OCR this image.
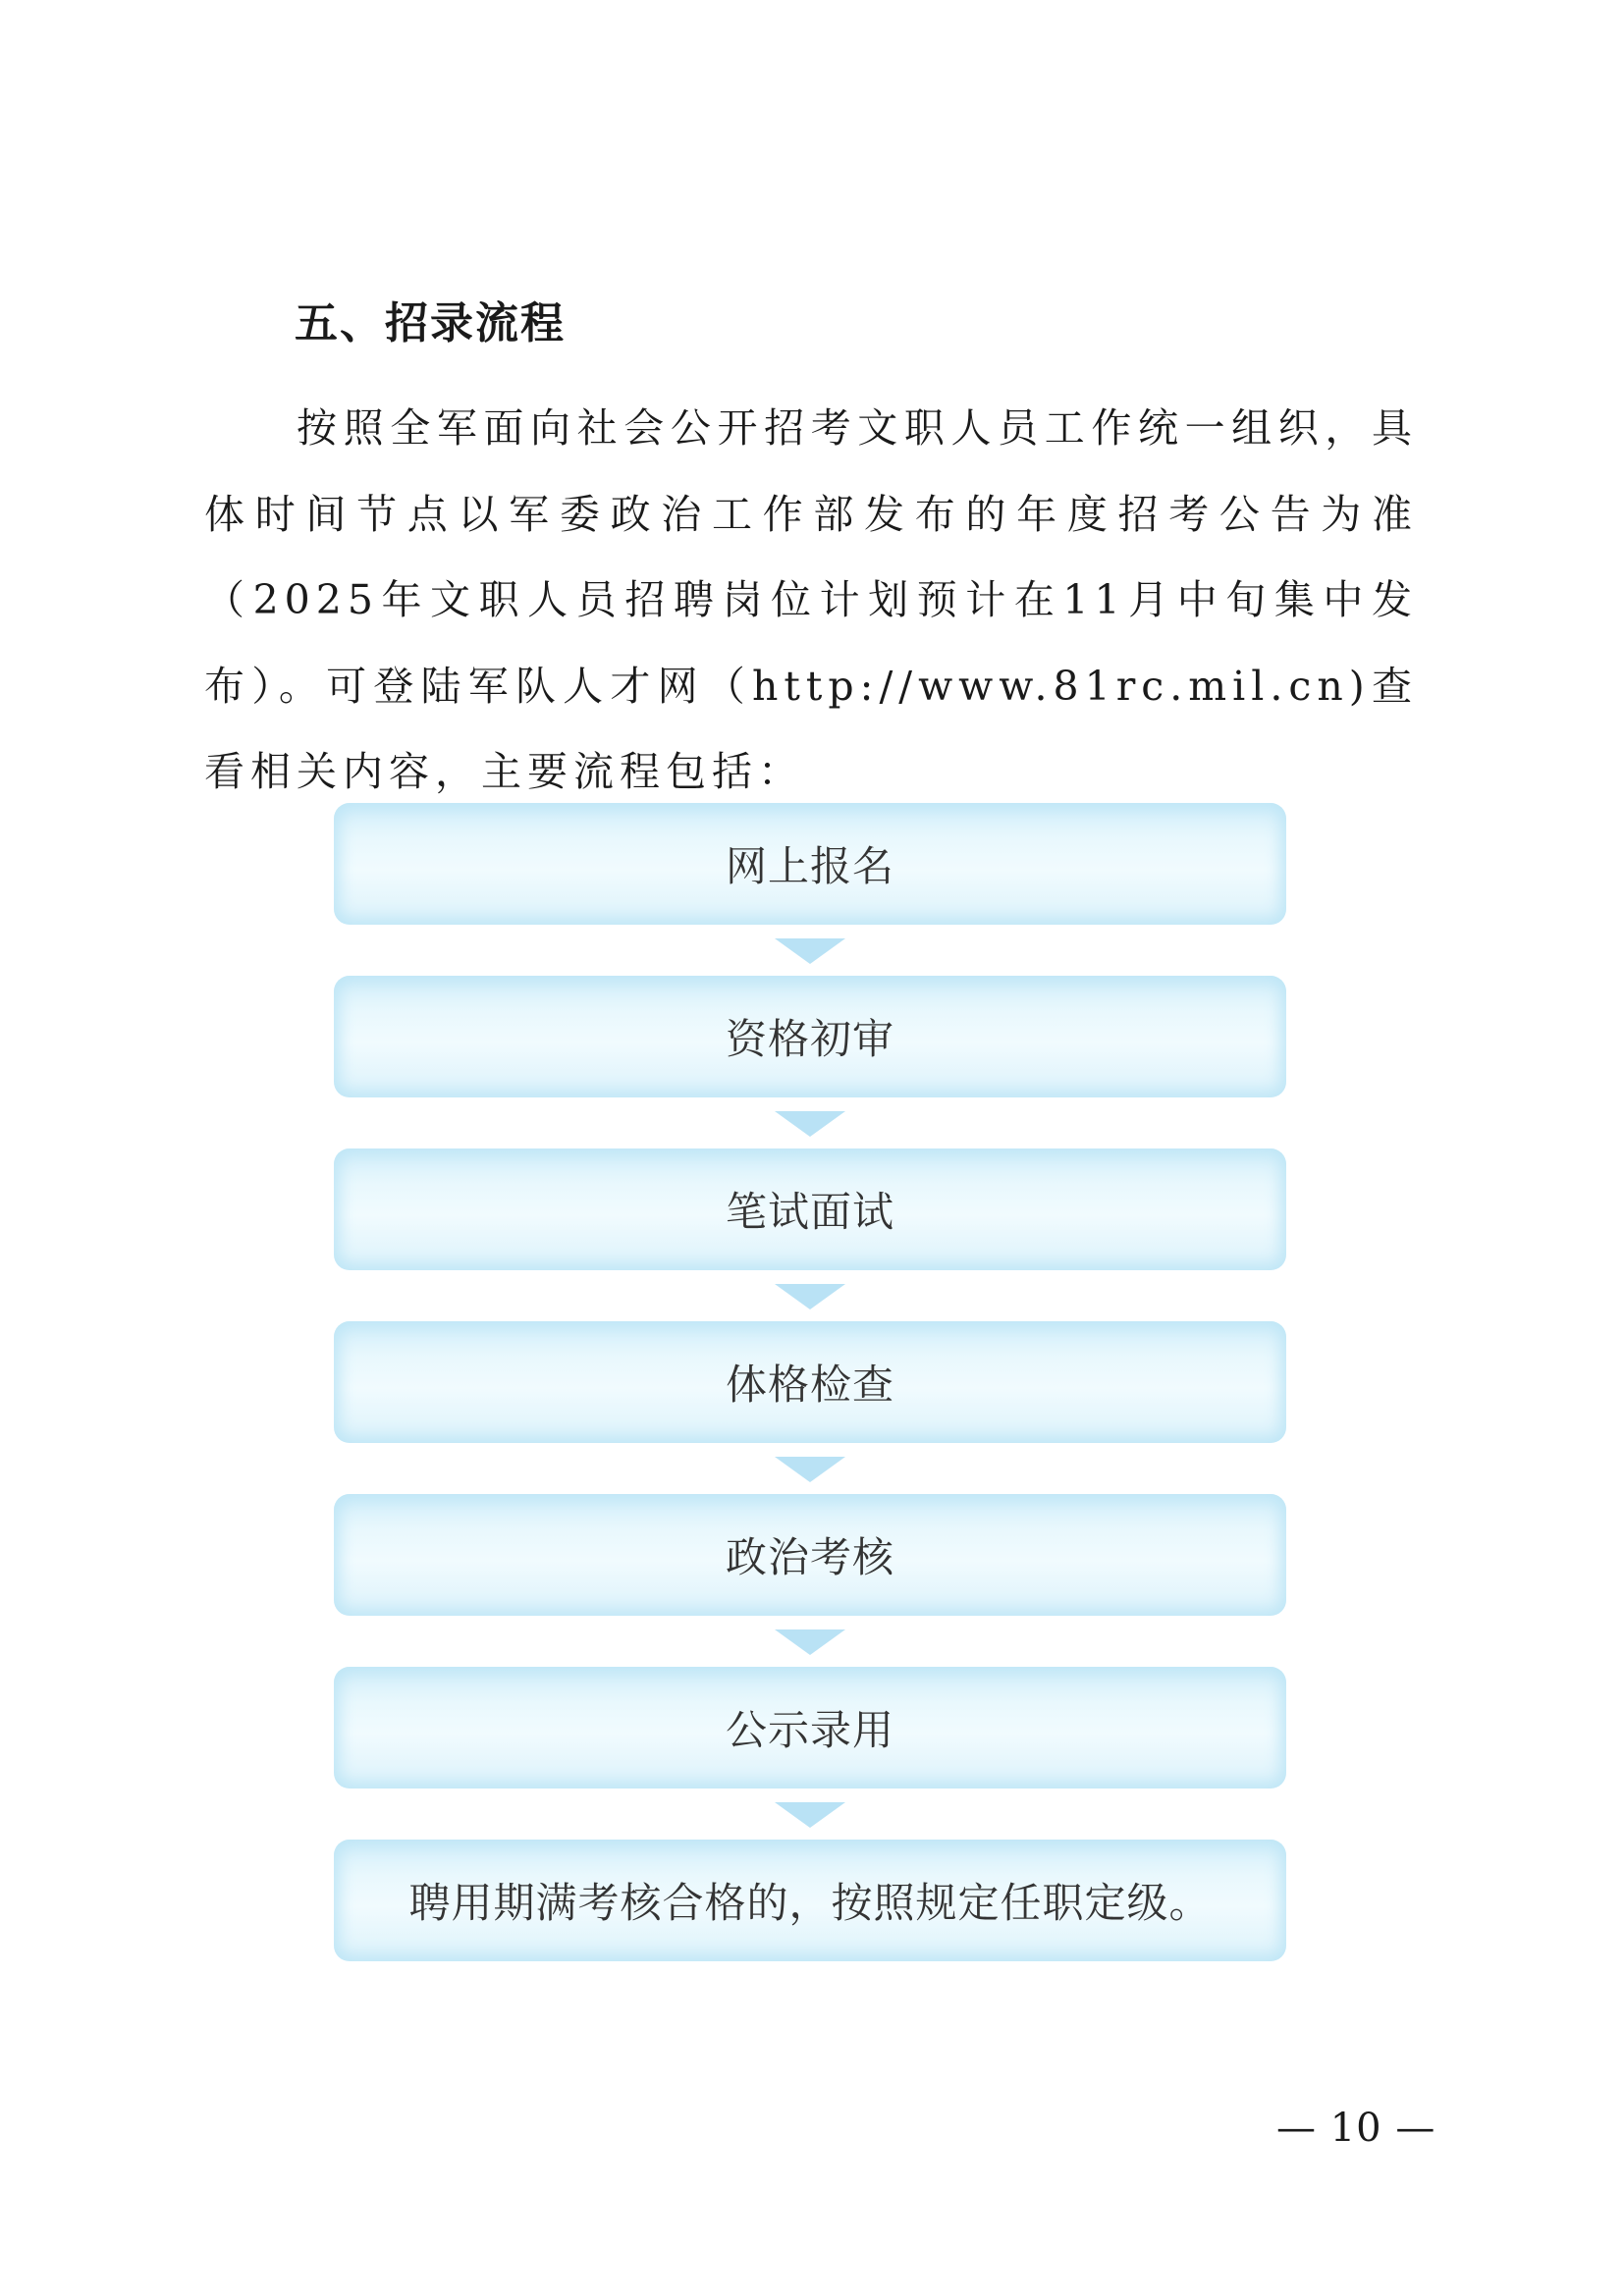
五、招录流程

按照全军面向社会公开招考文职人员工作统一组织，具体时间节点以军委政治工作部发布的年度招考公告为准（2025年文职人员招聘岗位计划预计在11月中旬集中发布）。可登陆军队人才网（http://www.81rc.mil.cn)查看相关内容，主要流程包括：

网上报名
资格初审
笔试面试
体格检查
政治考核
公示录用
聘用期满考核合格的，按照规定任职定级。
— 10 —
